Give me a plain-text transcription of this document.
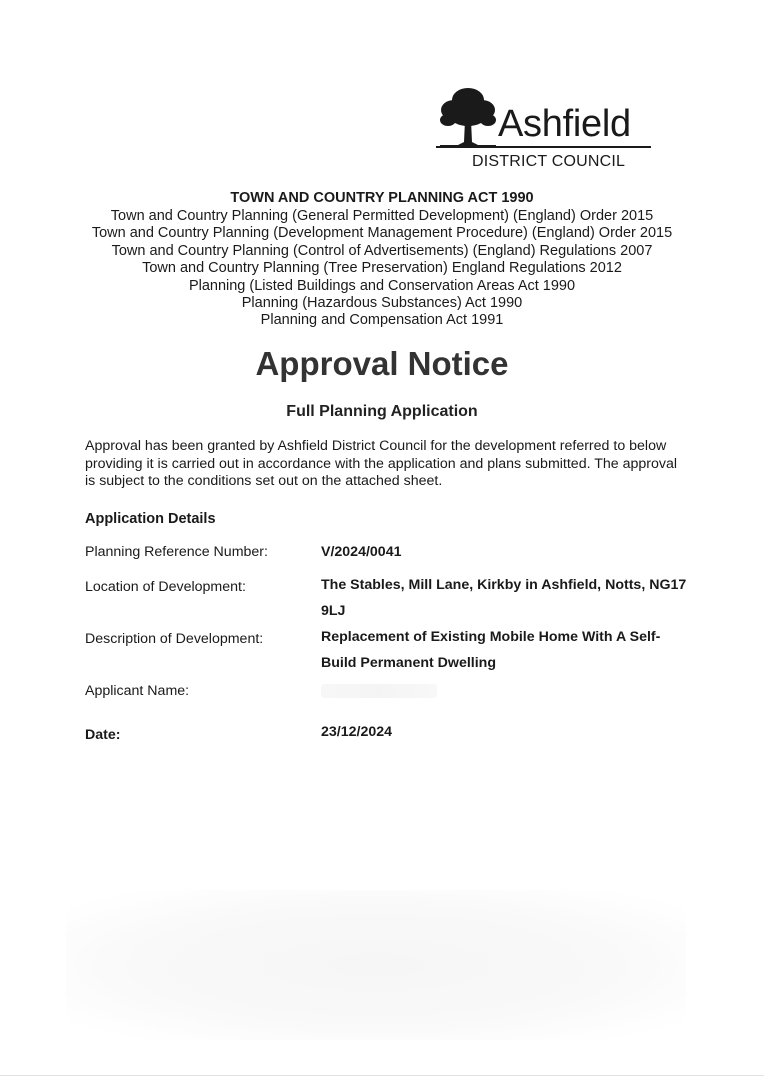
Ashfield
DISTRICT COUNCIL
TOWN AND COUNTRY PLANNING ACT 1990
Town and Country Planning (General Permitted Development) (England) Order 2015
Town and Country Planning (Development Management Procedure) (England) Order 2015
Town and Country Planning (Control of Advertisements) (England) Regulations 2007
Town and Country Planning (Tree Preservation) England Regulations 2012
Planning (Listed Buildings and Conservation Areas Act 1990
Planning (Hazardous Substances) Act 1990
Planning and Compensation Act 1991
Approval Notice
Full Planning Application

Approval has been granted by Ashfield District Council for the development referred to below providing it is carried out in accordance with the application and plans submitted. The approval is subject to the conditions set out on the attached sheet.

Application Details
Planning Reference Number:	V/2024/0041
Location of Development:	The Stables, Mill Lane, Kirkby in Ashfield, Notts, NG17 9LJ
Description of Development:	Replacement of Existing Mobile Home With A Self-Build Permanent Dwelling
Applicant Name:
Date:	23/12/2024
